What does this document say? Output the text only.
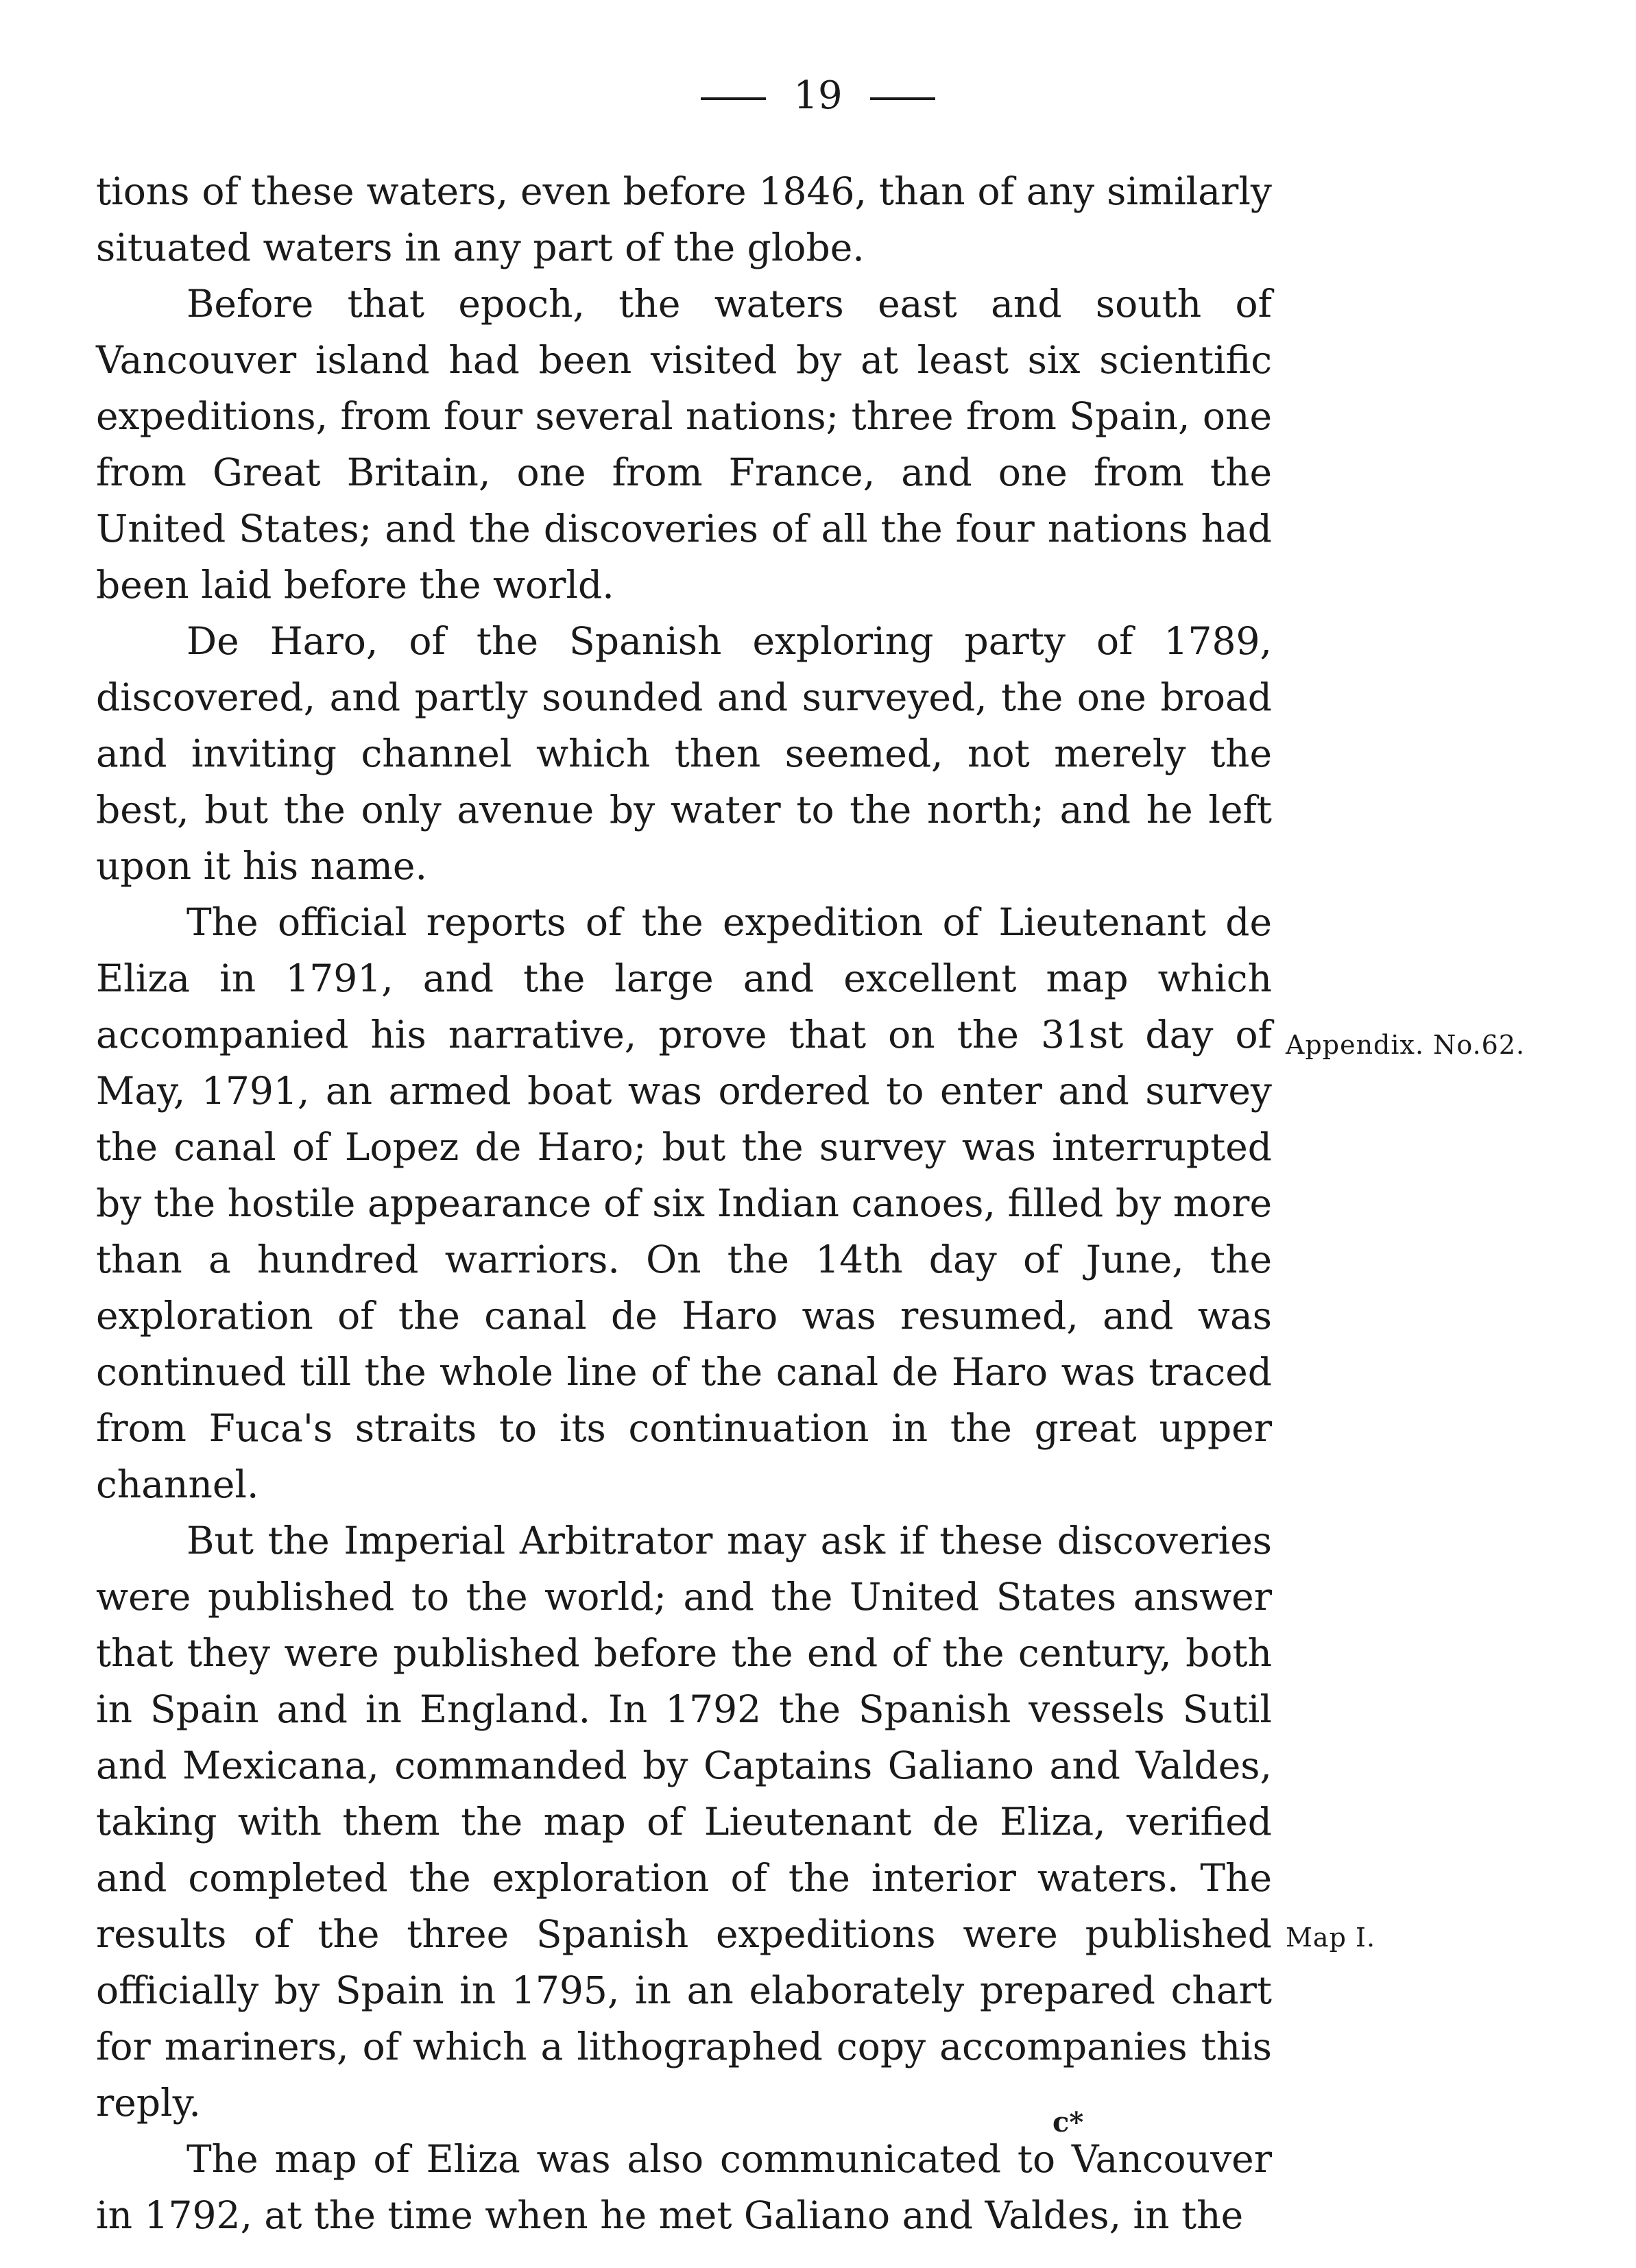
19

tions of these waters, even before 1846, than of any similarly situated waters in any part of the globe.

Before that epoch, the waters east and south of Vancouver island had been visited by at least six scientific expeditions, from four several nations; three from Spain, one from Great Britain, one from France, and one from the United States; and the discoveries of all the four nations had been laid before the world.

De Haro, of the Spanish exploring party of 1789, discovered, and partly sounded and surveyed, the one broad and inviting channel which then seemed, not merely the best, but the only avenue by water to the north; and he left upon it his name.

The official reports of the expedition of Lieutenant de Eliza in 1791, and the large and excellent map which accompanied his narrative, prove that on the 31st day of May, 1791, an armed boat was ordered to enter and survey the canal of Lopez de Haro; but the survey was interrupted by the hostile appearance of six Indian canoes, filled by more than a hundred warriors. On the 14th day of June, the exploration of the canal de Haro was resumed, and was continued till the whole line of the canal de Haro was traced from Fuca's straits to its continuation in the great upper channel.

But the Imperial Arbitrator may ask if these discoveries were published to the world; and the United States answer that they were published before the end of the century, both in Spain and in England. In 1792 the Spanish vessels Sutil and Mexicana, commanded by Captains Galiano and Valdes, taking with them the map of Lieutenant de Eliza, verified and completed the exploration of the interior waters. The results of the three Spanish expeditions were published officially by Spain in 1795, in an elaborately prepared chart for mariners, of which a lithographed copy accompanies this reply.

The map of Eliza was also communicated to Vancouver in 1792, at the time when he met Galiano and Valdes, in the

Appendix. No.62.
Map I.
c*
